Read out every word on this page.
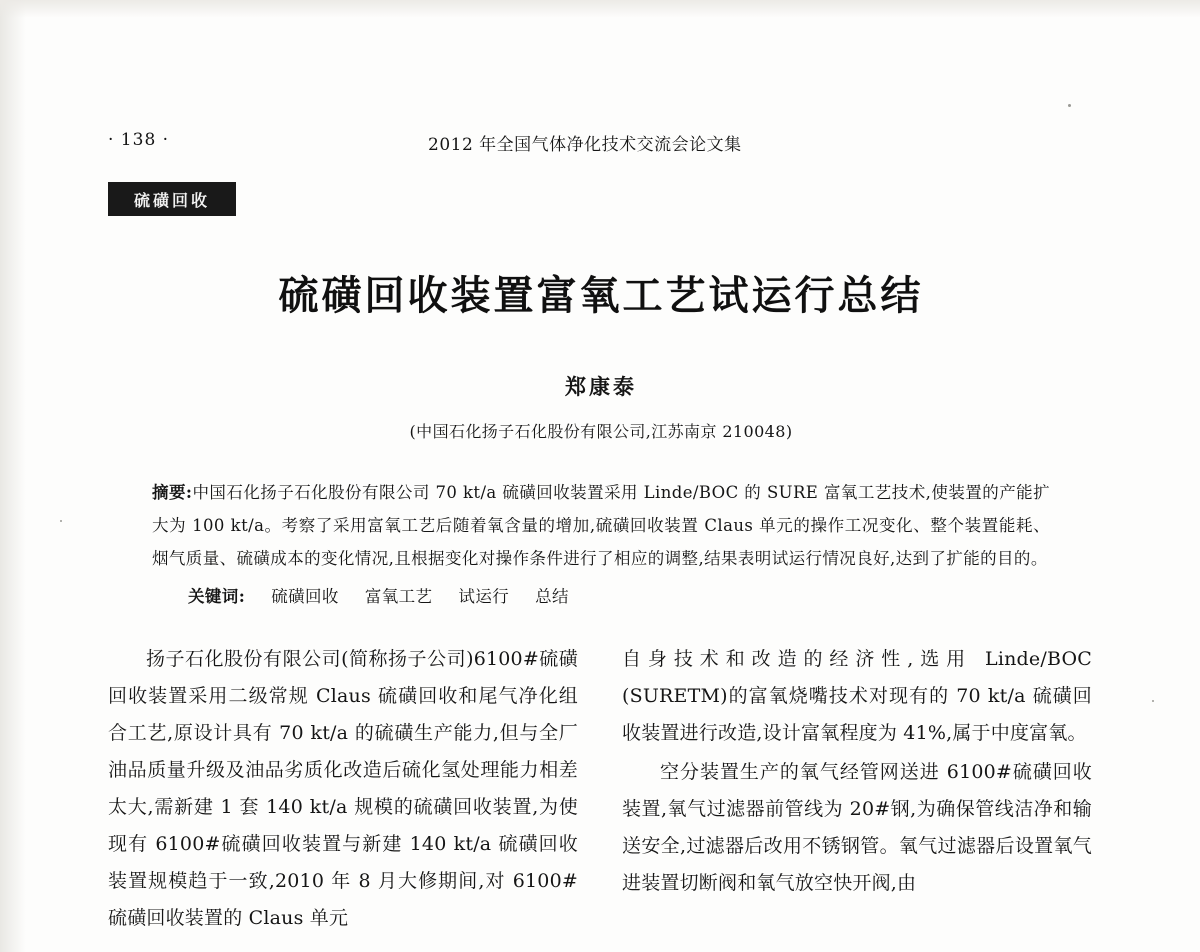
· 138 ·	2012 年全国气体净化技术交流会论文集
硫磺回收
硫磺回收装置富氧工艺试运行总结
郑康泰
(中国石化扬子石化股份有限公司,江苏南京 210048)
摘要:中国石化扬子石化股份有限公司 70 kt/a 硫磺回收装置采用 Linde/BOC 的 SURE 富氧工艺技术,使装置的产能扩大为 100 kt/a。考察了采用富氧工艺后随着氧含量的增加,硫磺回收装置 Claus 单元的操作工况变化、整个装置能耗、烟气质量、硫磺成本的变化情况,且根据变化对操作条件进行了相应的调整,结果表明试运行情况良好,达到了扩能的目的。
关键词: 硫磺回收 富氧工艺 试运行 总结

扬子石化股份有限公司(简称扬子公司)6100#硫磺回收装置采用二级常规 Claus 硫磺回收和尾气净化组合工艺,原设计具有 70 kt/a 的硫磺生产能力,但与全厂油品质量升级及油品劣质化改造后硫化氢处理能力相差太大,需新建 1 套 140 kt/a 规模的硫磺回收装置,为使现有 6100#硫磺回收装置与新建 140 kt/a 硫磺回收装置规模趋于一致,2010 年 8 月大修期间,对 6100#硫磺回收装置的 Claus 单元

自身技术和改造的经济性,选用 Linde/BOC (SURETM)的富氧烧嘴技术对现有的 70 kt/a 硫磺回收装置进行改造,设计富氧程度为 41%,属于中度富氧。

空分装置生产的氧气经管网送进 6100#硫磺回收装置,氧气过滤器前管线为 20#钢,为确保管线洁净和输送安全,过滤器后改用不锈钢管。氧气过滤器后设置氧气进装置切断阀和氧气放空快开阀,由
